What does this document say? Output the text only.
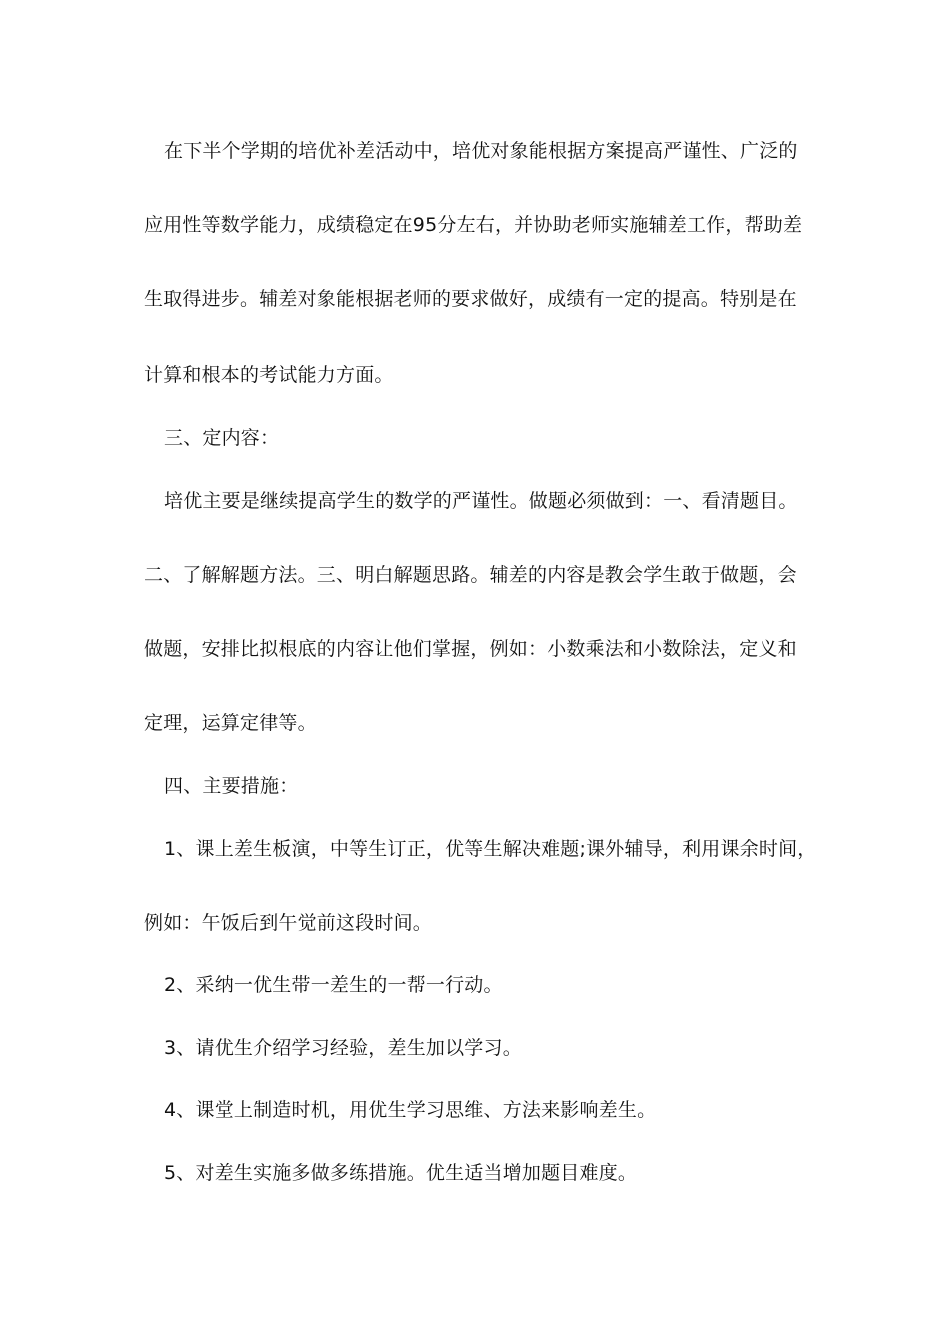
在下半个学期的培优补差活动中，培优对象能根据方案提高严谨性、广泛的
应用性等数学能力，成绩稳定在95分左右，并协助老师实施辅差工作，帮助差
生取得进步。辅差对象能根据老师的要求做好，成绩有一定的提高。特别是在
计算和根本的考试能力方面。
三、定内容：
培优主要是继续提高学生的数学的严谨性。做题必须做到：一、看清题目。
二、了解解题方法。三、明白解题思路。辅差的内容是教会学生敢于做题，会
做题，安排比拟根底的内容让他们掌握，例如：小数乘法和小数除法，定义和
定理，运算定律等。
四、主要措施：
1、课上差生板演，中等生订正，优等生解决难题;课外辅导，利用课余时间，
例如：午饭后到午觉前这段时间。
2、采纳一优生带一差生的一帮一行动。
3、请优生介绍学习经验，差生加以学习。
4、课堂上制造时机，用优生学习思维、方法来影响差生。
5、对差生实施多做多练措施。优生适当增加题目难度。
